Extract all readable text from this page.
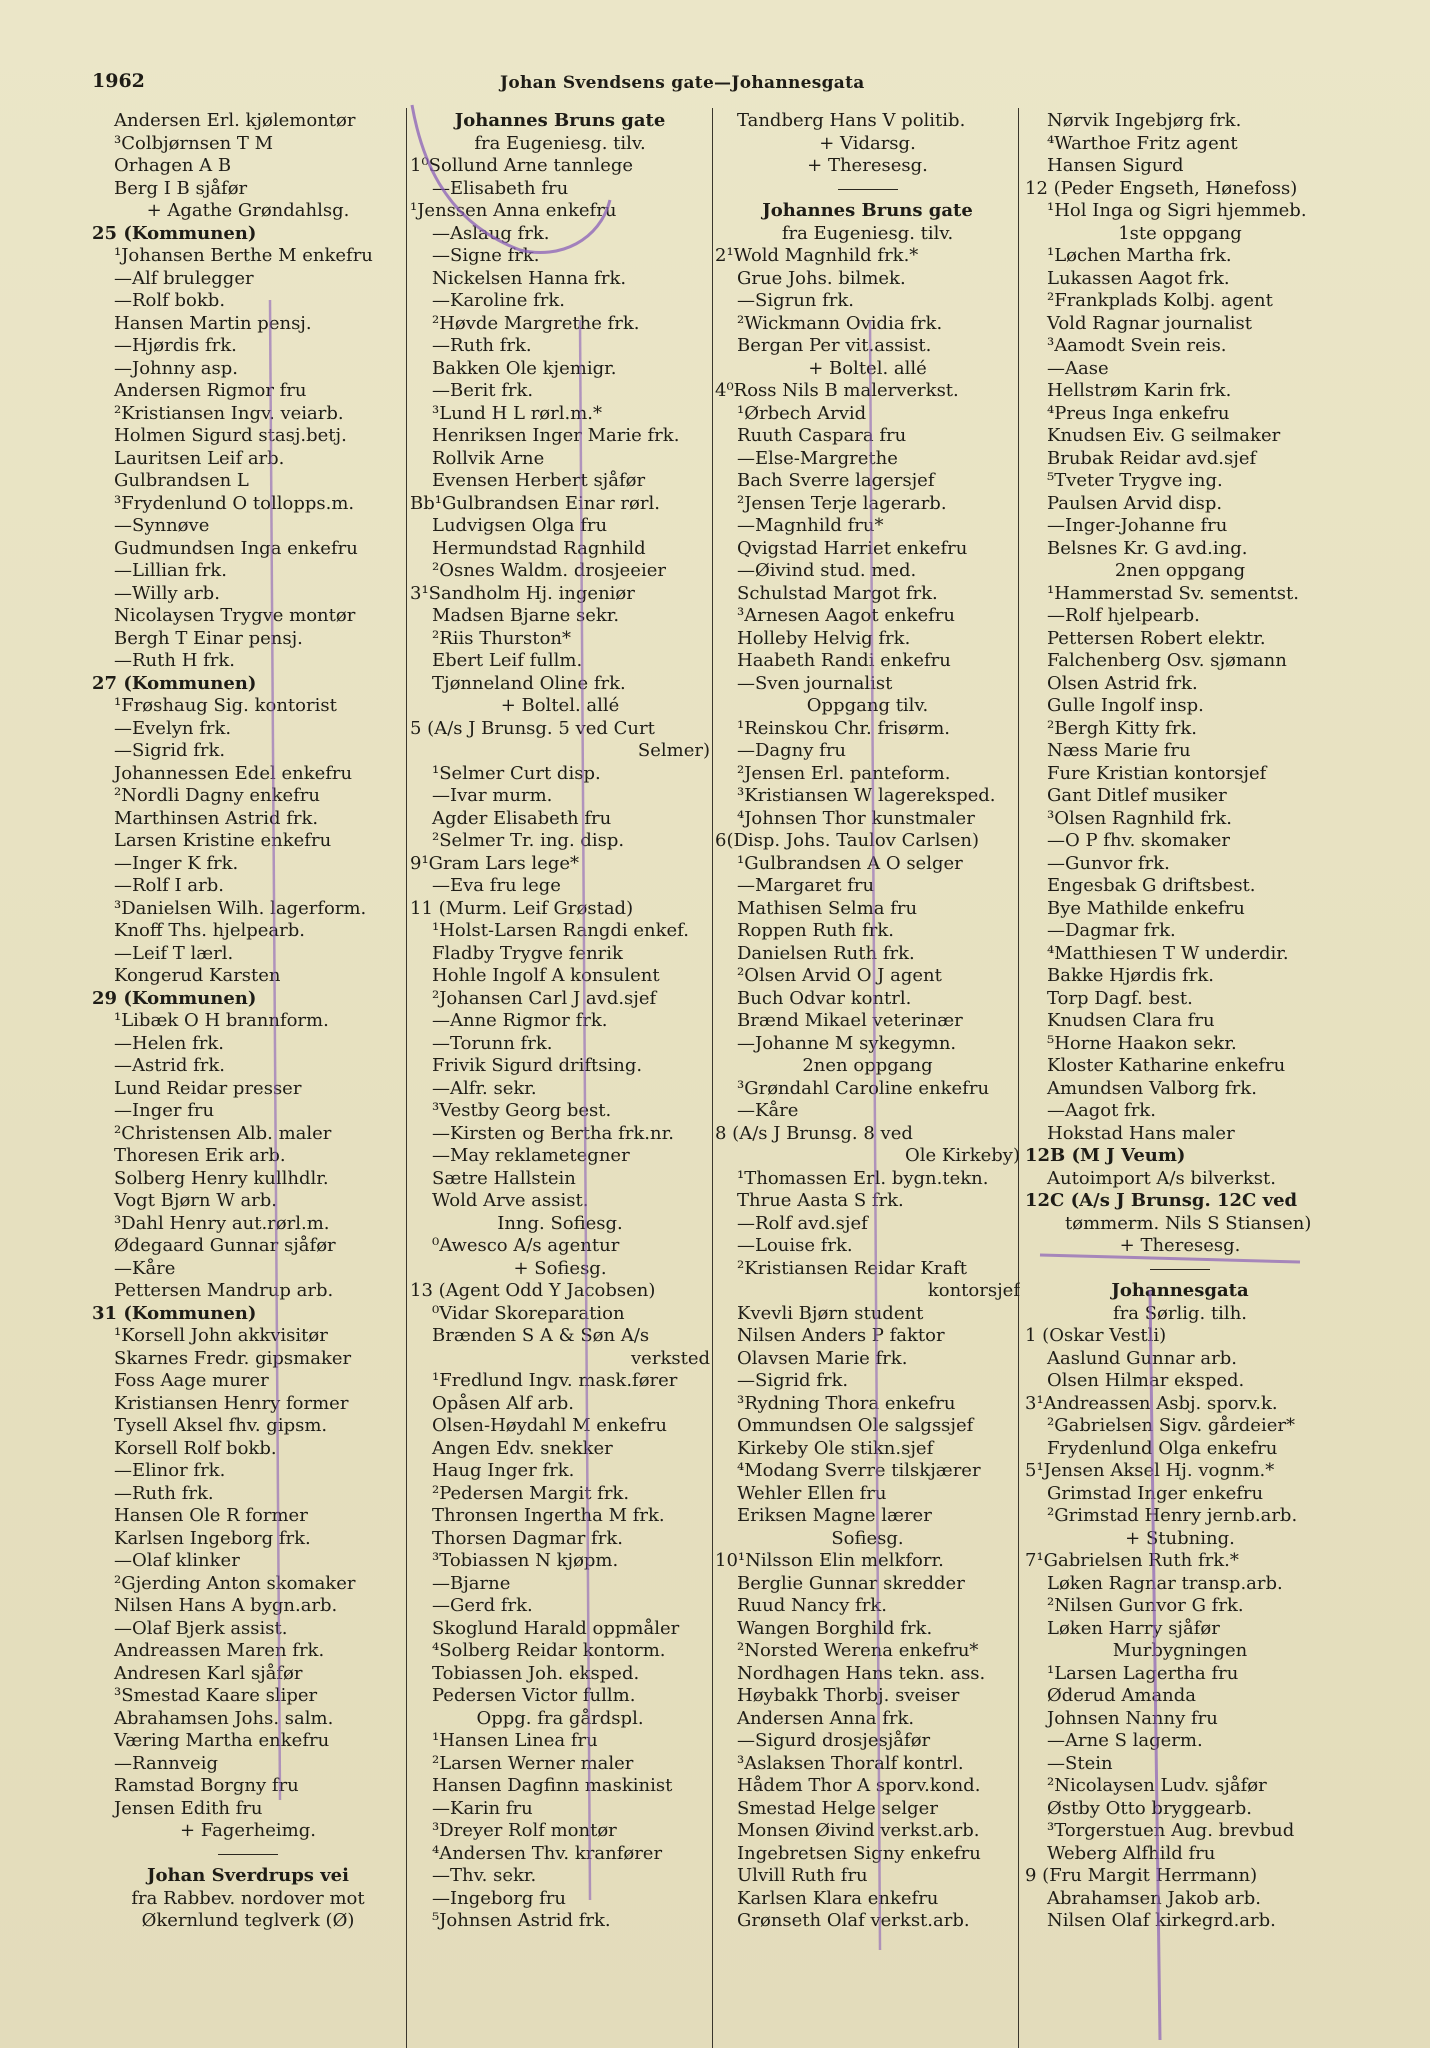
1962	Johan Svendsens gate—Johannesgata
Andersen Erl. kjølemontør
³Colbjørnsen T M
Orhagen A B
Berg I B sjåfør
+ Agathe Grøndahlsg.
25 (Kommunen)
¹Johansen Berthe M enkefru
—Alf brulegger
—Rolf bokb.
Hansen Martin pensj.
—Hjørdis frk.
—Johnny asp.
Andersen Rigmor fru
²Kristiansen Ingv. veiarb.
Holmen Sigurd stasj.betj.
Lauritsen Leif arb.
Gulbrandsen L
³Frydenlund O tollopps.m.
—Synnøve
Gudmundsen Inga enkefru
—Lillian frk.
—Willy arb.
Nicolaysen Trygve montør
Bergh T Einar pensj.
—Ruth H frk.
27 (Kommunen)
¹Frøshaug Sig. kontorist
—Evelyn frk.
—Sigrid frk.
Johannessen Edel enkefru
²Nordli Dagny enkefru
Marthinsen Astrid frk.
Larsen Kristine enkefru
—Inger K frk.
—Rolf I arb.
³Danielsen Wilh. lagerform.
Knoff Ths. hjelpearb.
—Leif T lærl.
Kongerud Karsten
29 (Kommunen)
¹Libæk O H brannform.
—Helen frk.
—Astrid frk.
Lund Reidar presser
—Inger fru
²Christensen Alb. maler
Thoresen Erik arb.
Solberg Henry kullhdlr.
Vogt Bjørn W arb.
³Dahl Henry aut.rørl.m.
Ødegaard Gunnar sjåfør
—Kåre
Pettersen Mandrup arb.
31 (Kommunen)
¹Korsell John akkvisitør
Skarnes Fredr. gipsmaker
Foss Aage murer
Kristiansen Henry former
Tysell Aksel fhv. gipsm.
Korsell Rolf bokb.
—Elinor frk.
—Ruth frk.
Hansen Ole R former
Karlsen Ingeborg frk.
—Olaf klinker
²Gjerding Anton skomaker
Nilsen Hans A bygn.arb.
—Olaf Bjerk assist.
Andreassen Maren frk.
Andresen Karl sjåfør
³Smestad Kaare sliper
Abrahamsen Johs. salm.
Væring Martha enkefru
—Rannveig
Ramstad Borgny fru
Jensen Edith fru
+ Fagerheimg.
Johan Sverdrups vei
fra Rabbev. nordover mot
Økernlund teglverk (Ø)
Johannes Bruns gate
fra Eugeniesg. tilv.
1⁰Sollund Arne tannlege
—Elisabeth fru
¹Jenssen Anna enkefru
—Aslaug frk.
—Signe frk.
Nickelsen Hanna frk.
—Karoline frk.
²Høvde Margrethe frk.
—Ruth frk.
Bakken Ole kjemigr.
—Berit frk.
³Lund H L rørl.m.*
Henriksen Inger Marie frk.
Rollvik Arne
Evensen Herbert sjåfør
Bb¹Gulbrandsen Einar rørl.
Ludvigsen Olga fru
Hermundstad Ragnhild
²Osnes Waldm. drosjeeier
3¹Sandholm Hj. ingeniør
Madsen Bjarne sekr.
²Riis Thurston*
Ebert Leif fullm.
Tjønneland Oline frk.
+ Boltel. allé
5 (A/s J Brunsg. 5 ved Curt
Selmer)
¹Selmer Curt disp.
—Ivar murm.
Agder Elisabeth fru
²Selmer Tr. ing. disp.
9¹Gram Lars lege*
—Eva fru lege
11 (Murm. Leif Grøstad)
¹Holst-Larsen Rangdi enkef.
Fladby Trygve fenrik
Hohle Ingolf A konsulent
²Johansen Carl J avd.sjef
—Anne Rigmor frk.
—Torunn frk.
Frivik Sigurd driftsing.
—Alfr. sekr.
³Vestby Georg best.
—Kirsten og Bertha frk.nr.
—May reklametegner
Sætre Hallstein
Wold Arve assist.
Inng. Sofiesg.
⁰Awesco A/s agentur
+ Sofiesg.
13 (Agent Odd Y Jacobsen)
⁰Vidar Skoreparation
Brænden S A & Søn A/s
verksted
¹Fredlund Ingv. mask.fører
Opåsen Alf arb.
Olsen-Høydahl M enkefru
Angen Edv. snekker
Haug Inger frk.
²Pedersen Margit frk.
Thronsen Ingertha M frk.
Thorsen Dagmar frk.
³Tobiassen N kjøpm.
—Bjarne
—Gerd frk.
Skoglund Harald oppmåler
⁴Solberg Reidar kontorm.
Tobiassen Joh. eksped.
Pedersen Victor fullm.
Oppg. fra gårdspl.
¹Hansen Linea fru
²Larsen Werner maler
Hansen Dagfinn maskinist
—Karin fru
³Dreyer Rolf montør
⁴Andersen Thv. kranfører
—Thv. sekr.
—Ingeborg fru
⁵Johnsen Astrid frk.
Tandberg Hans V politib.
+ Vidarsg.
+ Theresesg.
Johannes Bruns gate
fra Eugeniesg. tilv.
2¹Wold Magnhild frk.*
Grue Johs. bilmek.
—Sigrun frk.
²Wickmann Ovidia frk.
Bergan Per vit.assist.
+ Boltel. allé
4⁰Ross Nils B malerverkst.
¹Ørbech Arvid
Ruuth Caspara fru
—Else-Margrethe
Bach Sverre lagersjef
²Jensen Terje lagerarb.
—Magnhild fru*
Qvigstad Harriet enkefru
—Øivind stud. med.
Schulstad Margot frk.
³Arnesen Aagot enkefru
Holleby Helvig frk.
Haabeth Randi enkefru
—Sven journalist
Oppgang tilv.
¹Reinskou Chr. frisørm.
—Dagny fru
²Jensen Erl. panteform.
³Kristiansen W lagereksped.
⁴Johnsen Thor kunstmaler
6(Disp. Johs. Taulov Carlsen)
¹Gulbrandsen A O selger
—Margaret fru
Mathisen Selma fru
Roppen Ruth frk.
Danielsen Ruth frk.
²Olsen Arvid O J agent
Buch Odvar kontrl.
Brænd Mikael veterinær
—Johanne M sykegymn.
2nen oppgang
³Grøndahl Caroline enkefru
—Kåre
8 (A/s J Brunsg. 8 ved
Ole Kirkeby)
¹Thomassen Erl. bygn.tekn.
Thrue Aasta S frk.
—Rolf avd.sjef
—Louise frk.
²Kristiansen Reidar Kraft
kontorsjef
Kvevli Bjørn student
Nilsen Anders P faktor
Olavsen Marie frk.
—Sigrid frk.
³Rydning Thora enkefru
Ommundsen Ole salgssjef
Kirkeby Ole stikn.sjef
⁴Modang Sverre tilskjærer
Wehler Ellen fru
Eriksen Magne lærer
Sofiesg.
10¹Nilsson Elin melkforr.
Berglie Gunnar skredder
Ruud Nancy frk.
Wangen Borghild frk.
²Norsted Werena enkefru*
Nordhagen Hans tekn. ass.
Høybakk Thorbj. sveiser
Andersen Anna frk.
—Sigurd drosjesjåfør
³Aslaksen Thoralf kontrl.
Hådem Thor A sporv.kond.
Smestad Helge selger
Monsen Øivind verkst.arb.
Ingebretsen Signy enkefru
Ulvill Ruth fru
Karlsen Klara enkefru
Grønseth Olaf verkst.arb.
Nørvik Ingebjørg frk.
⁴Warthoe Fritz agent
Hansen Sigurd
12 (Peder Engseth, Hønefoss)
¹Hol Inga og Sigri hjemmeb.
1ste oppgang
¹Løchen Martha frk.
Lukassen Aagot frk.
²Frankplads Kolbj. agent
Vold Ragnar journalist
³Aamodt Svein reis.
—Aase
Hellstrøm Karin frk.
⁴Preus Inga enkefru
Knudsen Eiv. G seilmaker
Brubak Reidar avd.sjef
⁵Tveter Trygve ing.
Paulsen Arvid disp.
—Inger-Johanne fru
Belsnes Kr. G avd.ing.
2nen oppgang
¹Hammerstad Sv. sementst.
—Rolf hjelpearb.
Pettersen Robert elektr.
Falchenberg Osv. sjømann
Olsen Astrid frk.
Gulle Ingolf insp.
²Bergh Kitty frk.
Næss Marie fru
Fure Kristian kontorsjef
Gant Ditlef musiker
³Olsen Ragnhild frk.
—O P fhv. skomaker
—Gunvor frk.
Engesbak G driftsbest.
Bye Mathilde enkefru
—Dagmar frk.
⁴Matthiesen T W underdir.
Bakke Hjørdis frk.
Torp Dagf. best.
Knudsen Clara fru
⁵Horne Haakon sekr.
Kloster Katharine enkefru
Amundsen Valborg frk.
—Aagot frk.
Hokstad Hans maler
12B (M J Veum)
Autoimport A/s bilverkst.
12C (A/s J Brunsg. 12C ved
tømmerm. Nils S Stiansen)
+ Theresesg.
Johannesgata
fra Sørlig. tilh.
1 (Oskar Vestli)
Aaslund Gunnar arb.
Olsen Hilmar eksped.
3¹Andreassen Asbj. sporv.k.
²Gabrielsen Sigv. gårdeier*
Frydenlund Olga enkefru
5¹Jensen Aksel Hj. vognm.*
Grimstad Inger enkefru
²Grimstad Henry jernb.arb.
+ Stubning.
7¹Gabrielsen Ruth frk.*
Løken Ragnar transp.arb.
²Nilsen Gunvor G frk.
Løken Harry sjåfør
Murbygningen
¹Larsen Lagertha fru
Øderud Amanda
Johnsen Nanny fru
—Arne S lagerm.
—Stein
²Nicolaysen Ludv. sjåfør
Østby Otto bryggearb.
³Torgerstuen Aug. brevbud
Weberg Alfhild fru
9 (Fru Margit Herrmann)
Abrahamsen Jakob arb.
Nilsen Olaf kirkegrd.arb.
